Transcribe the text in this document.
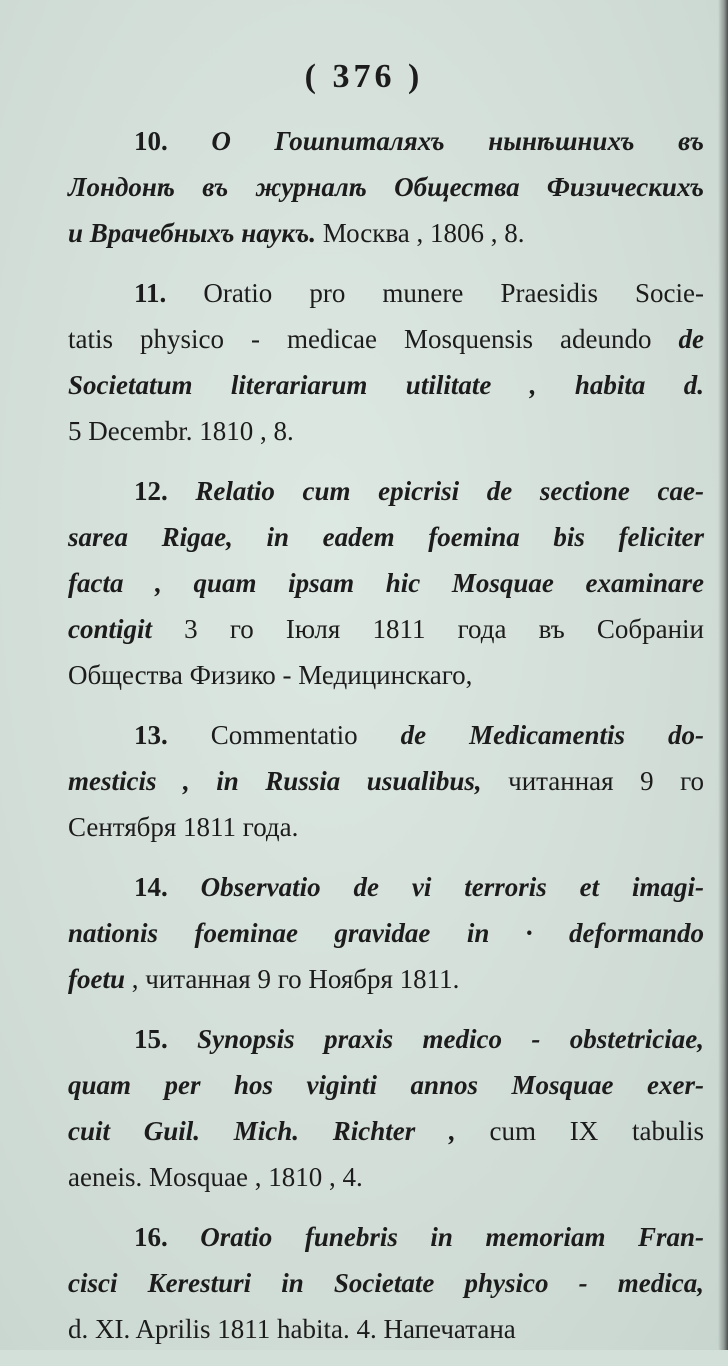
( 376 )
10. О Гошпиталяхъ нынѣшнихъ въ
Лондонѣ въ журналѣ Общества Физическихъ
и Врачебныхъ наукъ. Москва , 1806 , 8.
11. Oratio pro munere Praesidis Socie-
tatis physico - medicae Mosquensis adeundo de
Societatum literariarum utilitate , habita d.
5 Decembr. 1810 , 8.
12. Relatio cum epicrisi de sectione cae-
sarea Rigae, in eadem foemina bis feliciter
facta , quam ipsam hic Mosquae examinare
contigit 3 го Іюля 1811 года въ Собраніи
Общества Физико - Медицинскаго,
13. Commentatio de Medicamentis do-
mesticis , in Russia usualibus, читанная 9 го
Сентября 1811 года.
14. Observatio de vi terroris et imagi-
nationis foeminae gravidae in · deformando
foetu , читанная 9 го Ноября 1811.
15. Synopsis praxis medico - obstetriciae,
quam per hos viginti annos Mosquae exer-
cuit Guil. Mich. Richter , cum IX tabulis
aeneis. Mosquae , 1810 , 4.
16. Oratio funebris in memoriam Fran-
cisci Keresturi in Societate physico - medica,
d. XI. Aprilis 1811 habita. 4. Напечатана
